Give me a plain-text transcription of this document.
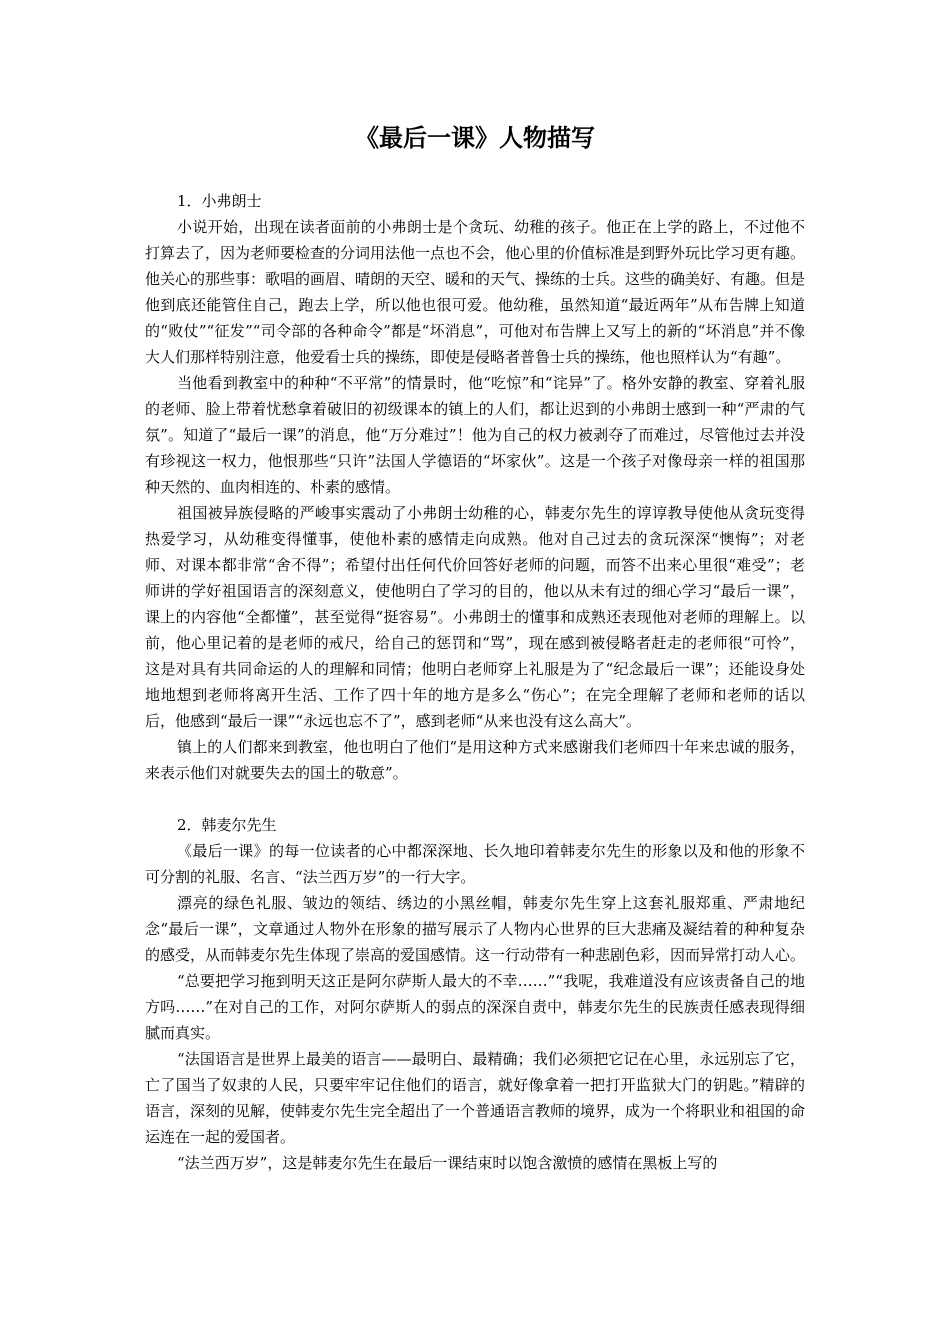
《最后一课》人物描写

1．小弗朗士

小说开始，出现在读者面前的小弗朗士是个贪玩、幼稚的孩子。他正在上学的路上，不过他不打算去了，因为老师要检查的分词用法他一点也不会，他心里的价值标准是到野外玩比学习更有趣。他关心的那些事：歌唱的画眉、晴朗的天空、暖和的天气、操练的士兵。这些的确美好、有趣。但是他到底还能管住自己，跑去上学，所以他也很可爱。他幼稚，虽然知道“最近两年”从布告牌上知道的“败仗”“征发”“司令部的各种命令”都是“坏消息”，可他对布告牌上又写上的新的“坏消息”并不像大人们那样特别注意，他爱看士兵的操练，即使是侵略者普鲁士兵的操练，他也照样认为“有趣”。

当他看到教室中的种种“不平常”的情景时，他“吃惊”和“诧异”了。格外安静的教室、穿着礼服的老师、脸上带着忧愁拿着破旧的初级课本的镇上的人们，都让迟到的小弗朗士感到一种“严肃的气氛”。知道了“最后一课”的消息，他“万分难过”！他为自己的权力被剥夺了而难过，尽管他过去并没有珍视这一权力，他恨那些“只许”法国人学德语的“坏家伙”。这是一个孩子对像母亲一样的祖国那种天然的、血肉相连的、朴素的感情。

祖国被异族侵略的严峻事实震动了小弗朗士幼稚的心，韩麦尔先生的谆谆教导使他从贪玩变得热爱学习，从幼稚变得懂事，使他朴素的感情走向成熟。他对自己过去的贪玩深深“懊悔”；对老师、对课本都非常“舍不得”；希望付出任何代价回答好老师的问题，而答不出来心里很“难受”；老师讲的学好祖国语言的深刻意义，使他明白了学习的目的，他以从未有过的细心学习“最后一课”，课上的内容他“全都懂”，甚至觉得“挺容易”。小弗朗士的懂事和成熟还表现他对老师的理解上。以前，他心里记着的是老师的戒尺，给自己的惩罚和“骂”，现在感到被侵略者赶走的老师很“可怜”，这是对具有共同命运的人的理解和同情；他明白老师穿上礼服是为了“纪念最后一课”；还能设身处地地想到老师将离开生活、工作了四十年的地方是多么“伤心”；在完全理解了老师和老师的话以后，他感到“最后一课”“永远也忘不了”，感到老师“从来也没有这么高大”。

镇上的人们都来到教室，他也明白了他们“是用这种方式来感谢我们老师四十年来忠诚的服务，来表示他们对就要失去的国土的敬意”。

2．韩麦尔先生

《最后一课》的每一位读者的心中都深深地、长久地印着韩麦尔先生的形象以及和他的形象不可分割的礼服、名言、“法兰西万岁”的一行大字。

漂亮的绿色礼服、皱边的领结、绣边的小黑丝帽，韩麦尔先生穿上这套礼服郑重、严肃地纪念“最后一课”，文章通过人物外在形象的描写展示了人物内心世界的巨大悲痛及凝结着的种种复杂的感受，从而韩麦尔先生体现了崇高的爱国感情。这一行动带有一种悲剧色彩，因而异常打动人心。

“总要把学习拖到明天这正是阿尔萨斯人最大的不幸……”“我呢，我难道没有应该责备自己的地方吗……”在对自己的工作，对阿尔萨斯人的弱点的深深自责中，韩麦尔先生的民族责任感表现得细腻而真实。

“法国语言是世界上最美的语言——最明白、最精确；我们必须把它记在心里，永远别忘了它，亡了国当了奴隶的人民，只要牢牢记住他们的语言，就好像拿着一把打开监狱大门的钥匙。”精辟的语言，深刻的见解，使韩麦尔先生完全超出了一个普通语言教师的境界，成为一个将职业和祖国的命运连在一起的爱国者。

“法兰西万岁”，这是韩麦尔先生在最后一课结束时以饱含激愤的感情在黑板上写的
